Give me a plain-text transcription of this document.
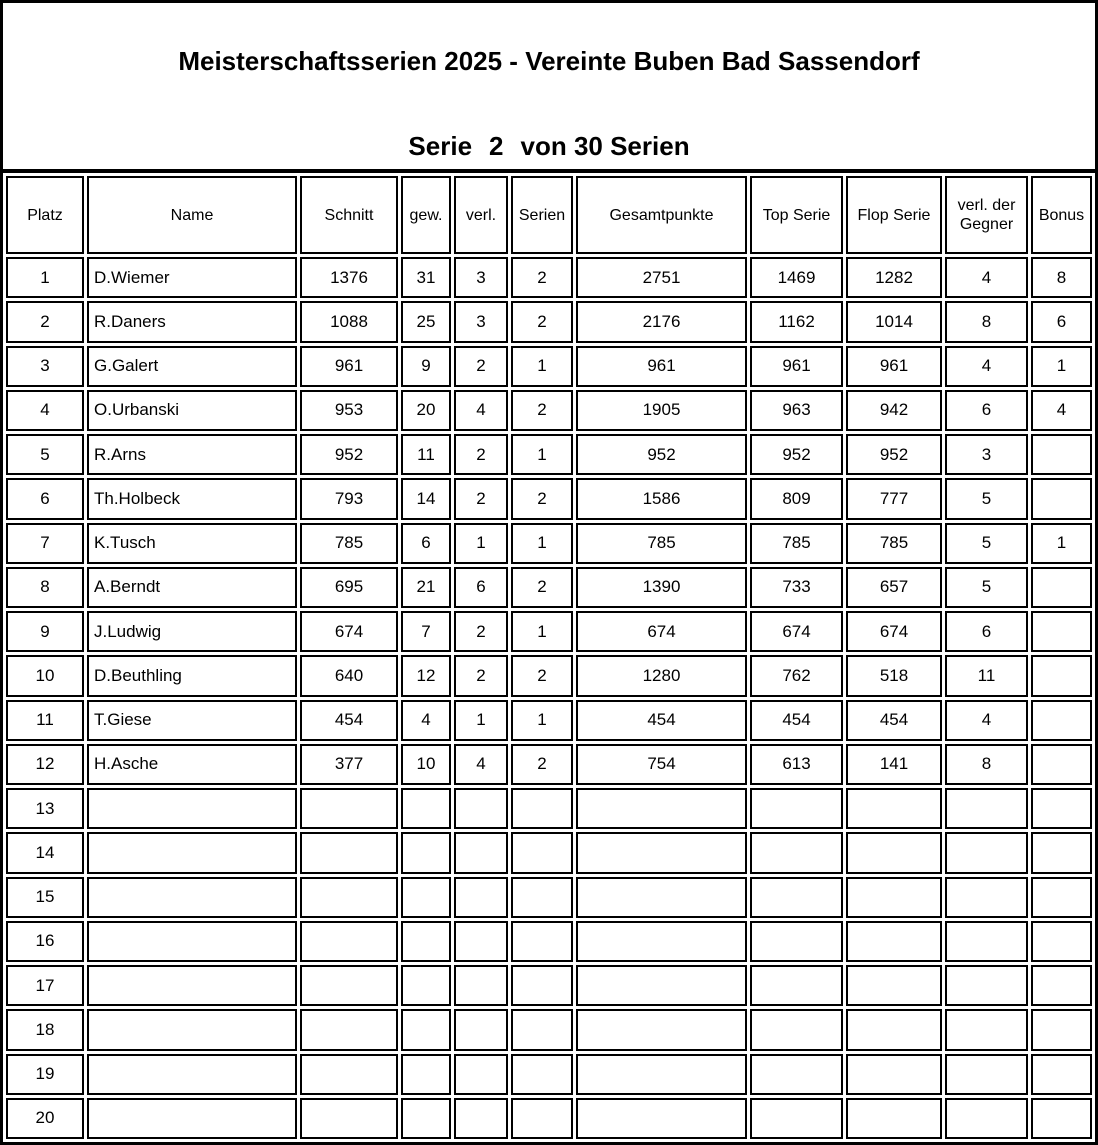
Meisterschaftsserien 2025 - Vereinte Buben Bad Sassendorf
Serie 2 von 30 Serien
Platz	Name	Schnitt	gew.	verl.	Serien	Gesamtpunkte	Top Serie	Flop Serie	verl. der Gegner	Bonus
1	D.Wiemer	1376	31	3	2	2751	1469	1282	4	8
2	R.Daners	1088	25	3	2	2176	1162	1014	8	6
3	G.Galert	961	9	2	1	961	961	961	4	1
4	O.Urbanski	953	20	4	2	1905	963	942	6	4
5	R.Arns	952	11	2	1	952	952	952	3	
6	Th.Holbeck	793	14	2	2	1586	809	777	5	
7	K.Tusch	785	6	1	1	785	785	785	5	1
8	A.Berndt	695	21	6	2	1390	733	657	5	
9	J.Ludwig	674	7	2	1	674	674	674	6	
10	D.Beuthling	640	12	2	2	1280	762	518	11	
11	T.Giese	454	4	1	1	454	454	454	4	
12	H.Asche	377	10	4	2	754	613	141	8	
13										
14										
15										
16										
17										
18										
19										
20										
